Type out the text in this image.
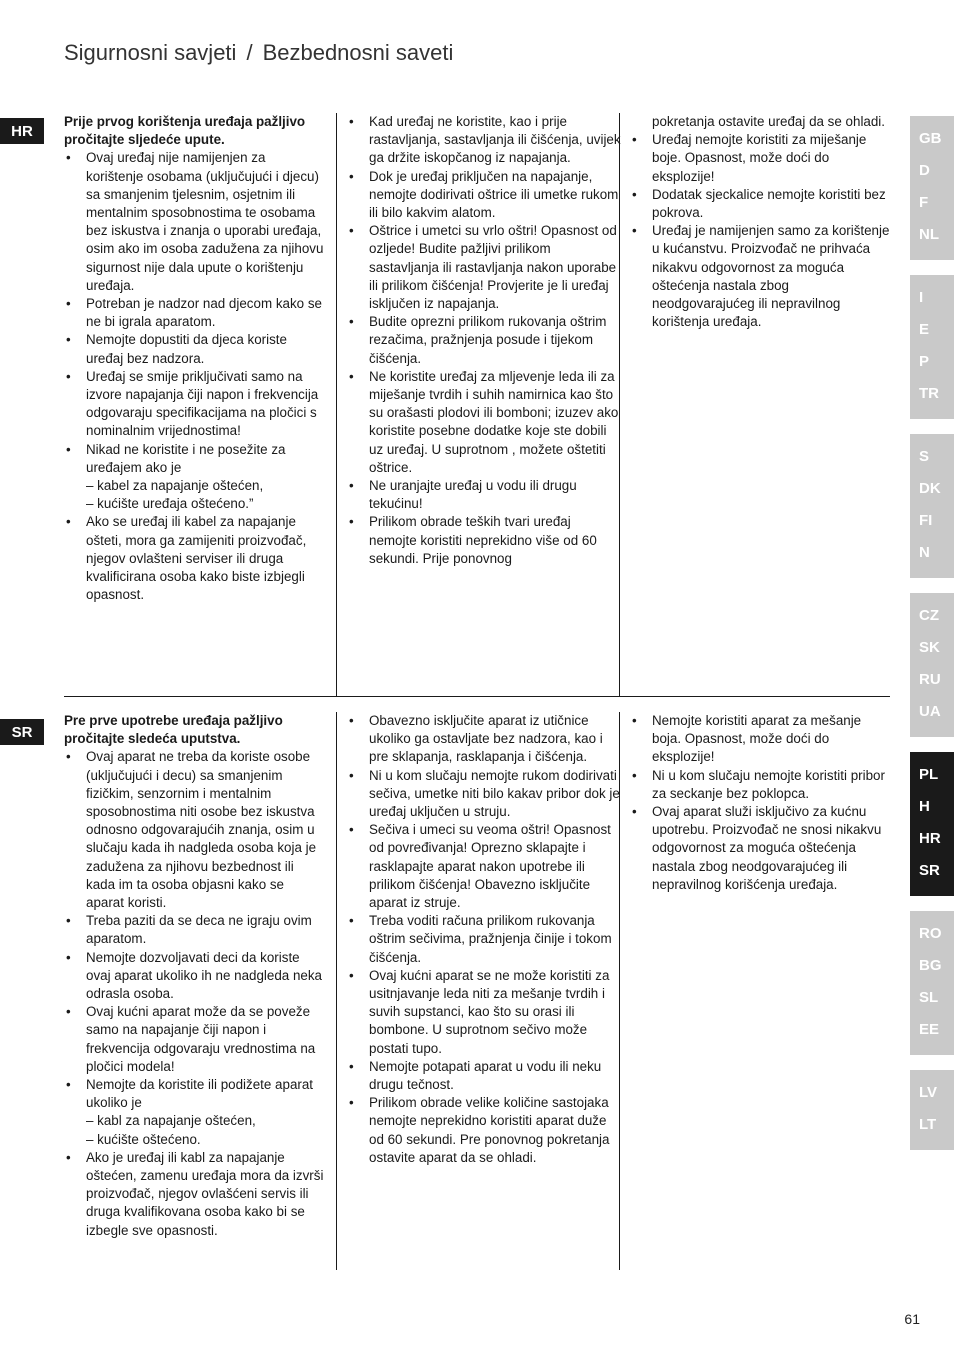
Sigurnosni savjeti / Bezbednosni saveti
HR
SR

Prije prvog korištenja uređaja pažljivo pročitajte sljedeće upute.

• Ovaj uređaj nije namijenjen za korištenje osobama (uključujući i djecu) sa smanjenim tjelesnim, osjetnim ili mentalnim sposobnostima te osobama bez iskustva i znanja o uporabi uređaja, osim ako im osoba zadužena za njihovu sigurnost nije dala upute o korištenju uređaja.
• Potreban je nadzor nad djecom kako se ne bi igrala aparatom.
• Nemojte dopustiti da djeca koriste uređaj bez nadzora.
• Uređaj se smije priključivati samo na izvore napajanja čiji napon i frekvencija odgovaraju specifikacijama na pločici s nominalnim vrijednostima!
• Nikad ne koristite i ne posežite za uređajem ako je
– kabel za napajanje oštećen,
– kućište uređaja oštećeno.”
• Ako se uređaj ili kabel za napajanje ošteti, mora ga zamijeniti proizvođač, njegov ovlašteni serviser ili druga kvalificirana osoba kako biste izbjegli opasnost.
• Kad uređaj ne koristite, kao i prije rastavljanja, sastavljanja ili čišćenja, uvijek ga držite iskopčanog iz napajanja.
• Dok je uređaj priključen na napajanje, nemojte dodirivati oštrice ili umetke rukom ili bilo kakvim alatom.
• Oštrice i umetci su vrlo oštri! Opasnost od ozljede! Budite pažljivi prilikom sastavljanja ili rastavljanja nakon uporabe ili prilikom čišćenja! Provjerite je li uređaj isključen iz napajanja.
• Budite oprezni prilikom rukovanja oštrim rezačima, pražnjenja posude i tijekom čišćenja.
• Ne koristite uređaj za mljevenje leda ili za miješanje tvrdih i suhih namirnica kao što su orašasti plodovi ili bomboni; izuzev ako koristite posebne dodatke koje ste dobili uz uređaj. U suprotnom , možete oštetiti oštrice.
• Ne uranjajte uređaj u vodu ili drugu tekućinu!
• Prilikom obrade teških tvari uređaj nemojte koristiti neprekidno više od 60 sekundi. Prije ponovnog

pokretanja ostavite uređaj da se ohladi.

• Uređaj nemojte koristiti za miješanje boje. Opasnost, može doći do eksplozije!
• Dodatak sjeckalice nemojte koristiti bez pokrova.
• Uređaj je namijenjen samo za korištenje u kućanstvu. Proizvođač ne prihvaća nikakvu odgovornost za moguća oštećenja nastala zbog neodgovarajućeg ili nepravilnog korištenja uređaja.

Pre prve upotrebe uređaja pažljivo pročitajte sledeća uputstva.

• Ovaj aparat ne treba da koriste osobe (uključujući i decu) sa smanjenim fizičkim, senzornim i mentalnim sposobnostima niti osobe bez iskustva odnosno odgovarajućih znanja, osim u slučaju kada ih nadgleda osoba koja je zadužena za njihovu bezbednost ili kada im ta osoba objasni kako se aparat koristi.
• Treba paziti da se deca ne igraju ovim aparatom.
• Nemojte dozvoljavati deci da koriste ovaj aparat ukoliko ih ne nadgleda neka odrasla osoba.
• Ovaj kućni aparat može da se poveže samo na napajanje čiji napon i frekvencija odgovaraju vrednostima na pločici modela!
• Nemojte da koristite ili podižete aparat ukoliko je
– kabl za napajanje oštećen,
– kućište oštećeno.
• Ako je uređaj ili kabl za napajanje oštećen, zamenu uređaja mora da izvrši proizvođač, njegov ovlašćeni servis ili druga kvalifikovana osoba kako bi se izbegle sve opasnosti.
• Obavezno isključite aparat iz utičnice ukoliko ga ostavljate bez nadzora, kao i pre sklapanja, rasklapanja i čišćenja.
• Ni u kom slučaju nemojte rukom dodirivati sečiva, umetke niti bilo kakav pribor dok je uređaj uključen u struju.
• Sečiva i umeci su veoma oštri! Opasnost od povređivanja! Oprezno sklapajte i rasklapajte aparat nakon upotrebe ili prilikom čišćenja! Obavezno isključite aparat iz struje.
• Treba voditi računa prilikom rukovanja oštrim sečivima, pražnjenja činije i tokom čišćenja.
• Ovaj kućni aparat se ne može koristiti za usitnjavanje leda niti za mešanje tvrdih i suvih supstanci, kao što su orasi ili bombone. U suprotnom sečivo može postati tupo.
• Nemojte potapati aparat u vodu ili neku drugu tečnost.
• Prilikom obrade velike količine sastojaka nemojte neprekidno koristiti aparat duže od 60 sekundi. Pre ponovnog pokretanja ostavite aparat da se ohladi.
• Nemojte koristiti aparat za mešanje boja. Opasnost, može doći do eksplozije!
• Ni u kom slučaju nemojte koristiti pribor za seckanje bez poklopca.
• Ovaj aparat služi isključivo za kućnu upotrebu. Proizvođač ne snosi nikakvu odgovornost za moguća oštećenja nastala zbog neodgovarajućeg ili nepravilnog korišćenja uređaja.
GB
D
F
NL
I
E
P
TR
S
DK
FI
N
CZ
SK
RU
UA
PL
H
HR
SR
RO
BG
SL
EE
LV
LT
61
